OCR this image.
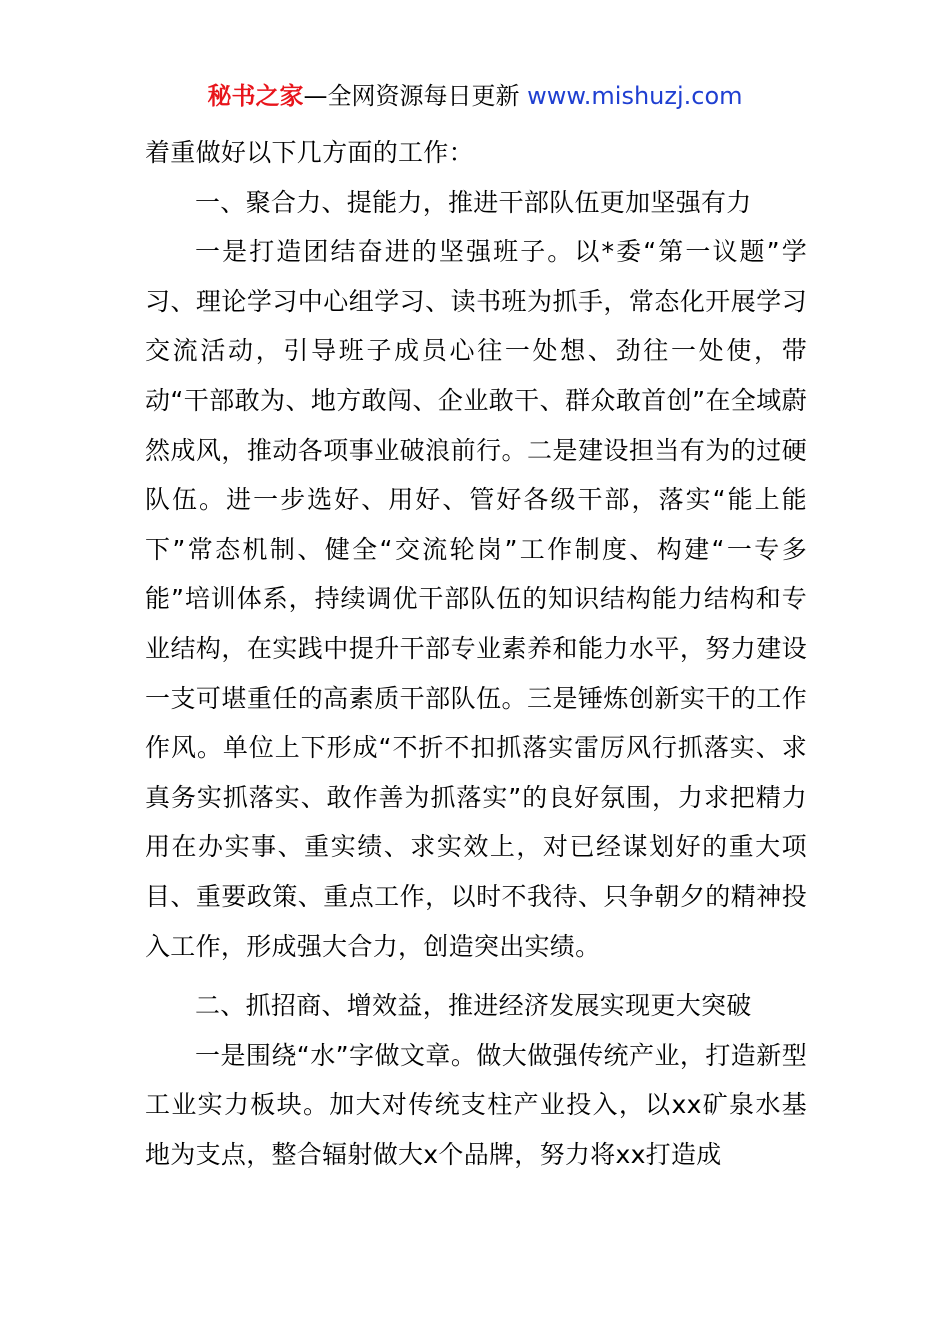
秘书之家—全网资源每日更新 www.mishuzj.com

着重做好以下几方面的工作：

一、聚合力、提能力，推进干部队伍更加坚强有力

一是打造团结奋进的坚强班子。以*委“第一议题”学习、理论学习中心组学习、读书班为抓手，常态化开展学习交流活动，引导班子成员心往一处想、劲往一处使，带动“干部敢为、地方敢闯、企业敢干、群众敢首创”在全域蔚然成风，推动各项事业破浪前行。二是建设担当有为的过硬队伍。进一步选好、用好、管好各级干部，落实“能上能下”常态机制、健全“交流轮岗”工作制度、构建“一专多能”培训体系，持续调优干部队伍的知识结构能力结构和专业结构，在实践中提升干部专业素养和能力水平，努力建设一支可堪重任的高素质干部队伍。三是锤炼创新实干的工作作风。单位上下形成“不折不扣抓落实雷厉风行抓落实、求真务实抓落实、敢作善为抓落实”的良好氛围，力求把精力用在办实事、重实绩、求实效上，对已经谋划好的重大项目、重要政策、重点工作，以时不我待、只争朝夕的精神投入工作，形成强大合力，创造突出实绩。

二、抓招商、增效益，推进经济发展实现更大突破

一是围绕“水”字做文章。做大做强传统产业，打造新型工业实力板块。加大对传统支柱产业投入，以xx矿泉水基地为支点，整合辐射做大x个品牌，努力将xx打造成
